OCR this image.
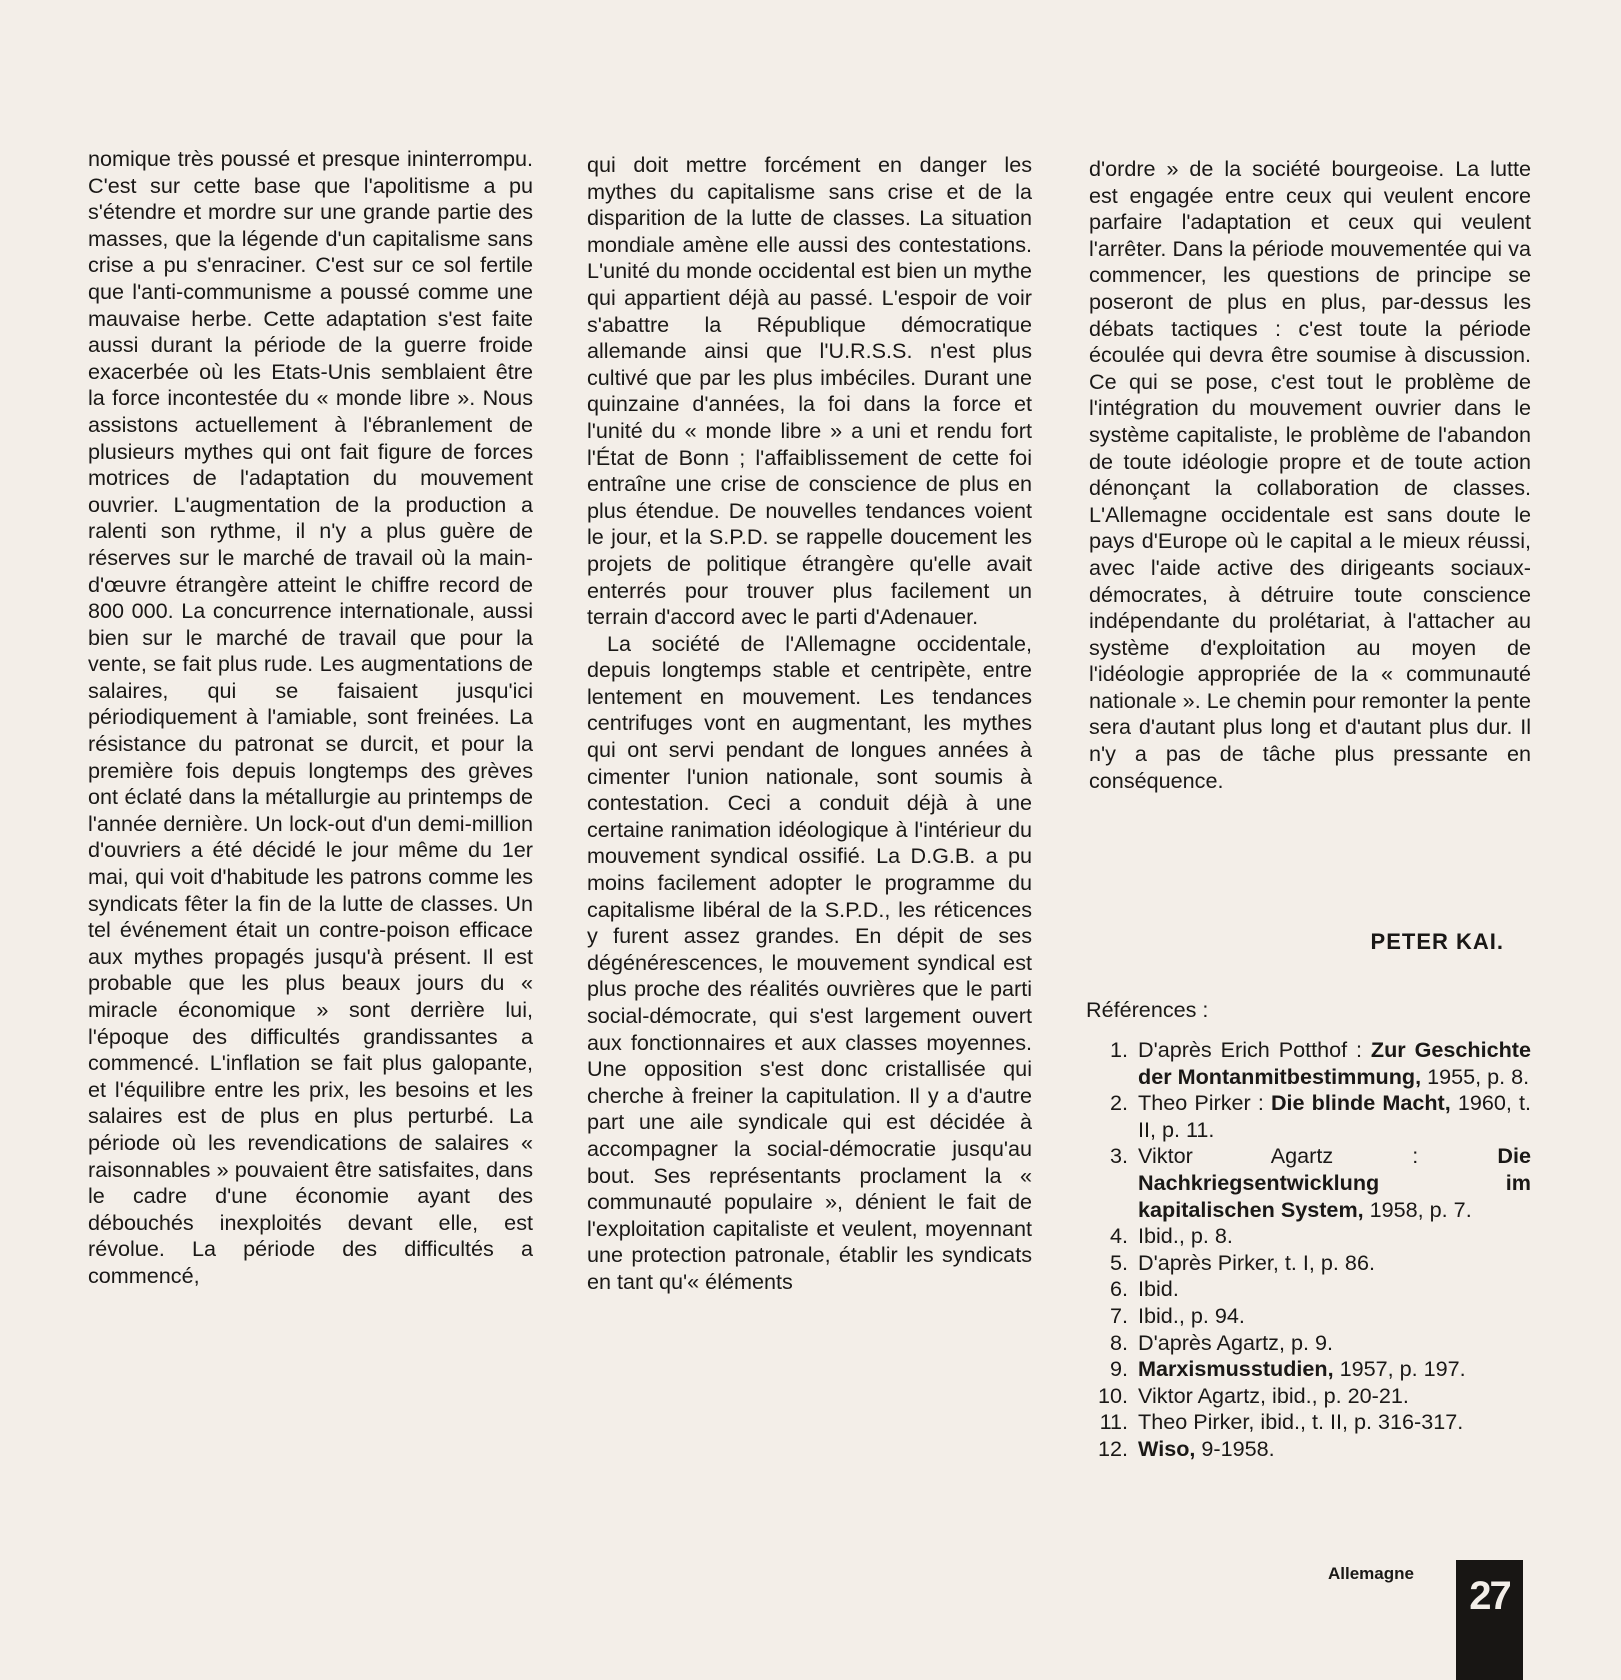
nomique très poussé et presque ininterrompu. C'est sur cette base que l'apolitisme a pu s'étendre et mordre sur une grande partie des masses, que la légende d'un capitalisme sans crise a pu s'enraciner. C'est sur ce sol fertile que l'anti-communisme a poussé comme une mauvaise herbe. Cette adaptation s'est faite aussi durant la période de la guerre froide exacerbée où les Etats-Unis semblaient être la force incontestée du « monde libre ». Nous assistons actuellement à l'ébranlement de plusieurs mythes qui ont fait figure de forces motrices de l'adaptation du mouvement ouvrier. L'augmentation de la production a ralenti son rythme, il n'y a plus guère de réserves sur le marché de travail où la main-d'œuvre étrangère atteint le chiffre record de 800 000. La concurrence internationale, aussi bien sur le marché de travail que pour la vente, se fait plus rude. Les augmentations de salaires, qui se faisaient jusqu'ici périodiquement à l'amiable, sont freinées. La résistance du patronat se durcit, et pour la première fois depuis longtemps des grèves ont éclaté dans la métallurgie au printemps de l'année dernière. Un lock-out d'un demi-million d'ouvriers a été décidé le jour même du 1er mai, qui voit d'habitude les patrons comme les syndicats fêter la fin de la lutte de classes. Un tel événement était un contre-poison efficace aux mythes propagés jusqu'à présent. Il est probable que les plus beaux jours du « miracle économique » sont derrière lui, l'époque des difficultés grandissantes a commencé. L'inflation se fait plus galopante, et l'équilibre entre les prix, les besoins et les salaires est de plus en plus perturbé. La période où les revendications de salaires « raisonnables » pouvaient être satisfaites, dans le cadre d'une économie ayant des débouchés inexploités devant elle, est révolue. La période des difficultés a commencé,

qui doit mettre forcément en danger les mythes du capitalisme sans crise et de la disparition de la lutte de classes. La situation mondiale amène elle aussi des contestations. L'unité du monde occidental est bien un mythe qui appartient déjà au passé. L'espoir de voir s'abattre la République démocratique allemande ainsi que l'U.R.S.S. n'est plus cultivé que par les plus imbéciles. Durant une quinzaine d'années, la foi dans la force et l'unité du « monde libre » a uni et rendu fort l'État de Bonn ; l'affaiblissement de cette foi entraîne une crise de conscience de plus en plus étendue. De nouvelles tendances voient le jour, et la S.P.D. se rappelle doucement les projets de politique étrangère qu'elle avait enterrés pour trouver plus facilement un terrain d'accord avec le parti d'Adenauer.

La société de l'Allemagne occidentale, depuis longtemps stable et centripète, entre lentement en mouvement. Les tendances centrifuges vont en augmentant, les mythes qui ont servi pendant de longues années à cimenter l'union nationale, sont soumis à contestation. Ceci a conduit déjà à une certaine ranimation idéologique à l'intérieur du mouvement syndical ossifié. La D.G.B. a pu moins facilement adopter le programme du capitalisme libéral de la S.P.D., les réticences y furent assez grandes. En dépit de ses dégénérescences, le mouvement syndical est plus proche des réalités ouvrières que le parti social-démocrate, qui s'est largement ouvert aux fonctionnaires et aux classes moyennes. Une opposition s'est donc cristallisée qui cherche à freiner la capitulation. Il y a d'autre part une aile syndicale qui est décidée à accompagner la social-démocratie jusqu'au bout. Ses représentants proclament la « communauté populaire », dénient le fait de l'exploitation capitaliste et veulent, moyennant une protection patronale, établir les syndicats en tant qu'« éléments

d'ordre » de la société bourgeoise. La lutte est engagée entre ceux qui veulent encore parfaire l'adaptation et ceux qui veulent l'arrêter. Dans la période mouvementée qui va commencer, les questions de principe se poseront de plus en plus, par-dessus les débats tactiques : c'est toute la période écoulée qui devra être soumise à discussion. Ce qui se pose, c'est tout le problème de l'intégration du mouvement ouvrier dans le système capitaliste, le problème de l'abandon de toute idéologie propre et de toute action dénonçant la collaboration de classes. L'Allemagne occidentale est sans doute le pays d'Europe où le capital a le mieux réussi, avec l'aide active des dirigeants sociaux-démocrates, à détruire toute conscience indépendante du prolétariat, à l'attacher au système d'exploitation au moyen de l'idéologie appropriée de la « communauté nationale ». Le chemin pour remonter la pente sera d'autant plus long et d'autant plus dur. Il n'y a pas de tâche plus pressante en conséquence.

PETER KAI.

Références :

1. D'après Erich Potthof : Zur Geschichte der Montanmitbestimmung, 1955, p. 8.
2. Theo Pirker : Die blinde Macht, 1960, t. II, p. 11.
3. Viktor Agartz : Die Nachkriegsentwicklung im kapitalischen System, 1958, p. 7.
4. Ibid., p. 8.
5. D'après Pirker, t. I, p. 86.
6. Ibid.
7. Ibid., p. 94.
8. D'après Agartz, p. 9.
9. Marxismusstudien, 1957, p. 197.
10. Viktor Agartz, ibid., p. 20-21.
11. Theo Pirker, ibid., t. II, p. 316-317.
12. Wiso, 9-1958.

Allemagne

27
